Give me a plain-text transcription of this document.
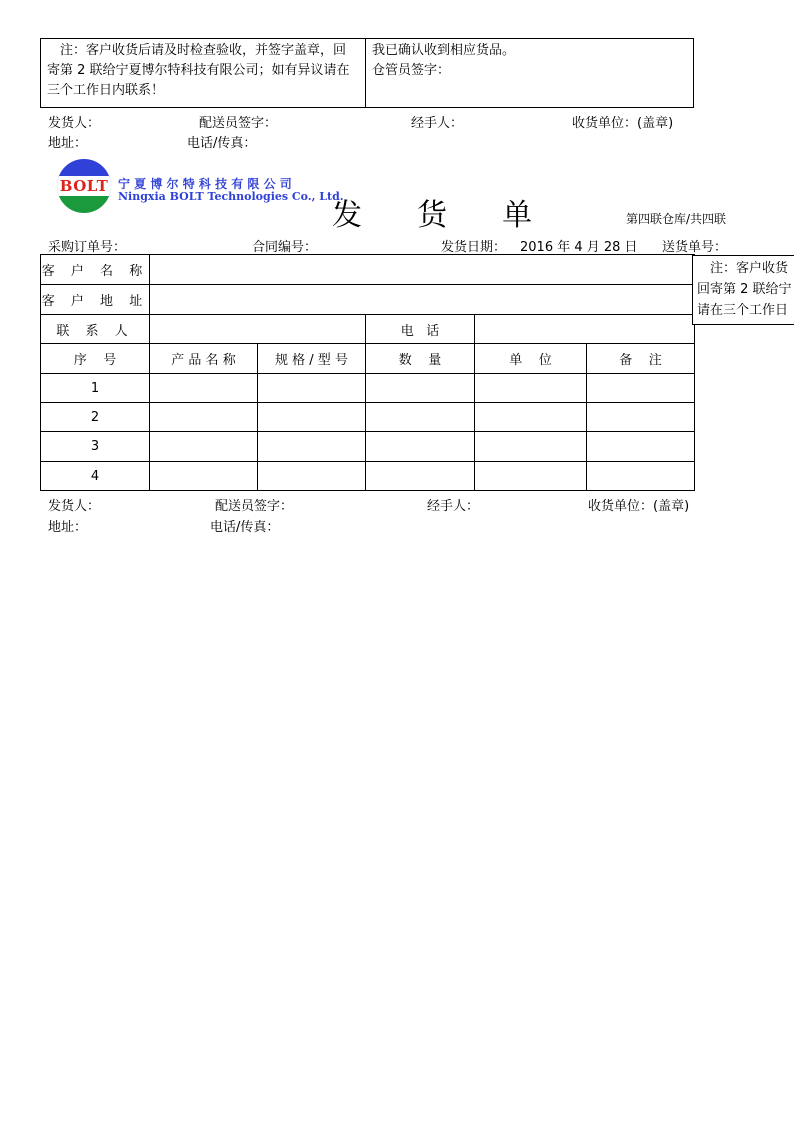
　注：客户收货后请及时检查验收，并签字盖章，回寄第 2 联给宁夏博尔特科技有限公司；如有异议请在三个工作日内联系！
我已确认收到相应货品。
仓管员签字：
发货人：	配送员签字：	经手人：	收货单位：(盖章)
地址：	电话/传真：
BOLT 宁 夏 博 尔 特 科 技 有 限 公 司
Ningxia BOLT Technologies Co., Ltd.
发  货  单	第四联仓库/共四联
采购订单号：	合同编号：	发货日期： 2016 年 4 月 28 日 送货单号：
客 户 名 称					
客 户 地 址					
联 系 人			电   话		
序    号	产 品 名 称	规 格 / 型 号	数    量	单    位	备    注
1					
2					
3					
4					
　注：客户收货
回寄第 2 联给宁
请在三个工作日
发货人：	配送员签字：	经手人：	收货单位：(盖章)
地址：	电话/传真：
